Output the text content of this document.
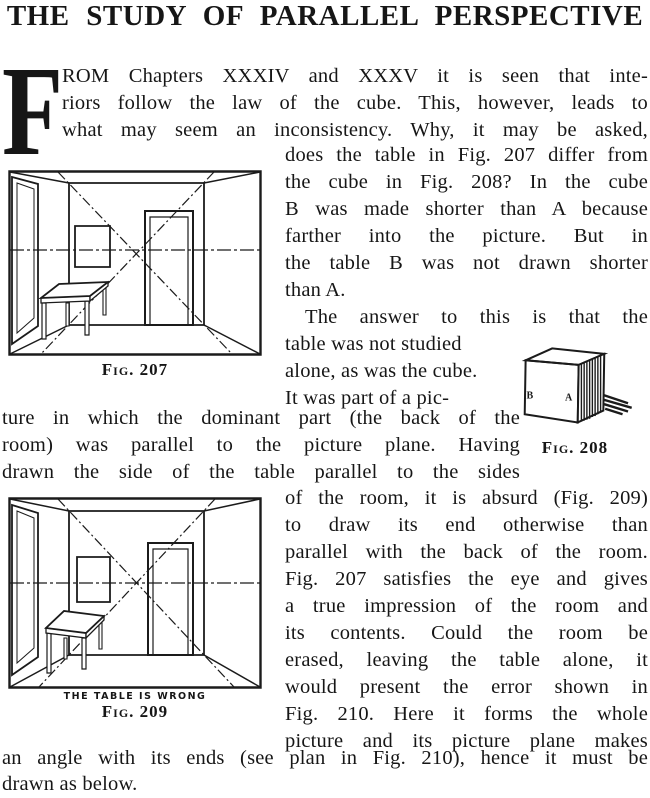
THE STUDY OF PARALLEL PERSPECTIVE
F ROM Chapters XXXIV and XXXV it is seen that inte-
riors follow the law of the cube. This, however, leads to
what may seem an inconsistency. Why, it may be asked,
does the table in Fig. 207 differ from
the cube in Fig. 208? In the cube
B was made shorter than A because
farther into the picture. But in
the table B was not drawn shorter
than A.
The answer to this is that the
table was not studied
alone, as was the cube.
It was part of a pic-
Fig. 207
B	A
Fig. 208
ture in which the dominant part (the back of the
room) was parallel to the picture plane. Having
drawn the side of the table parallel to the sides
of the room, it is absurd (Fig. 209)
to draw its end otherwise than
parallel with the back of the room.
Fig. 207 satisfies the eye and gives
a true impression of the room and
its contents. Could the room be
erased, leaving the table alone, it
would present the error shown in
Fig. 210. Here it forms the whole
picture and its picture plane makes
THE TABLE IS WRONG
Fig. 209
an angle with its ends (see plan in Fig. 210), hence it must be
drawn as below.
